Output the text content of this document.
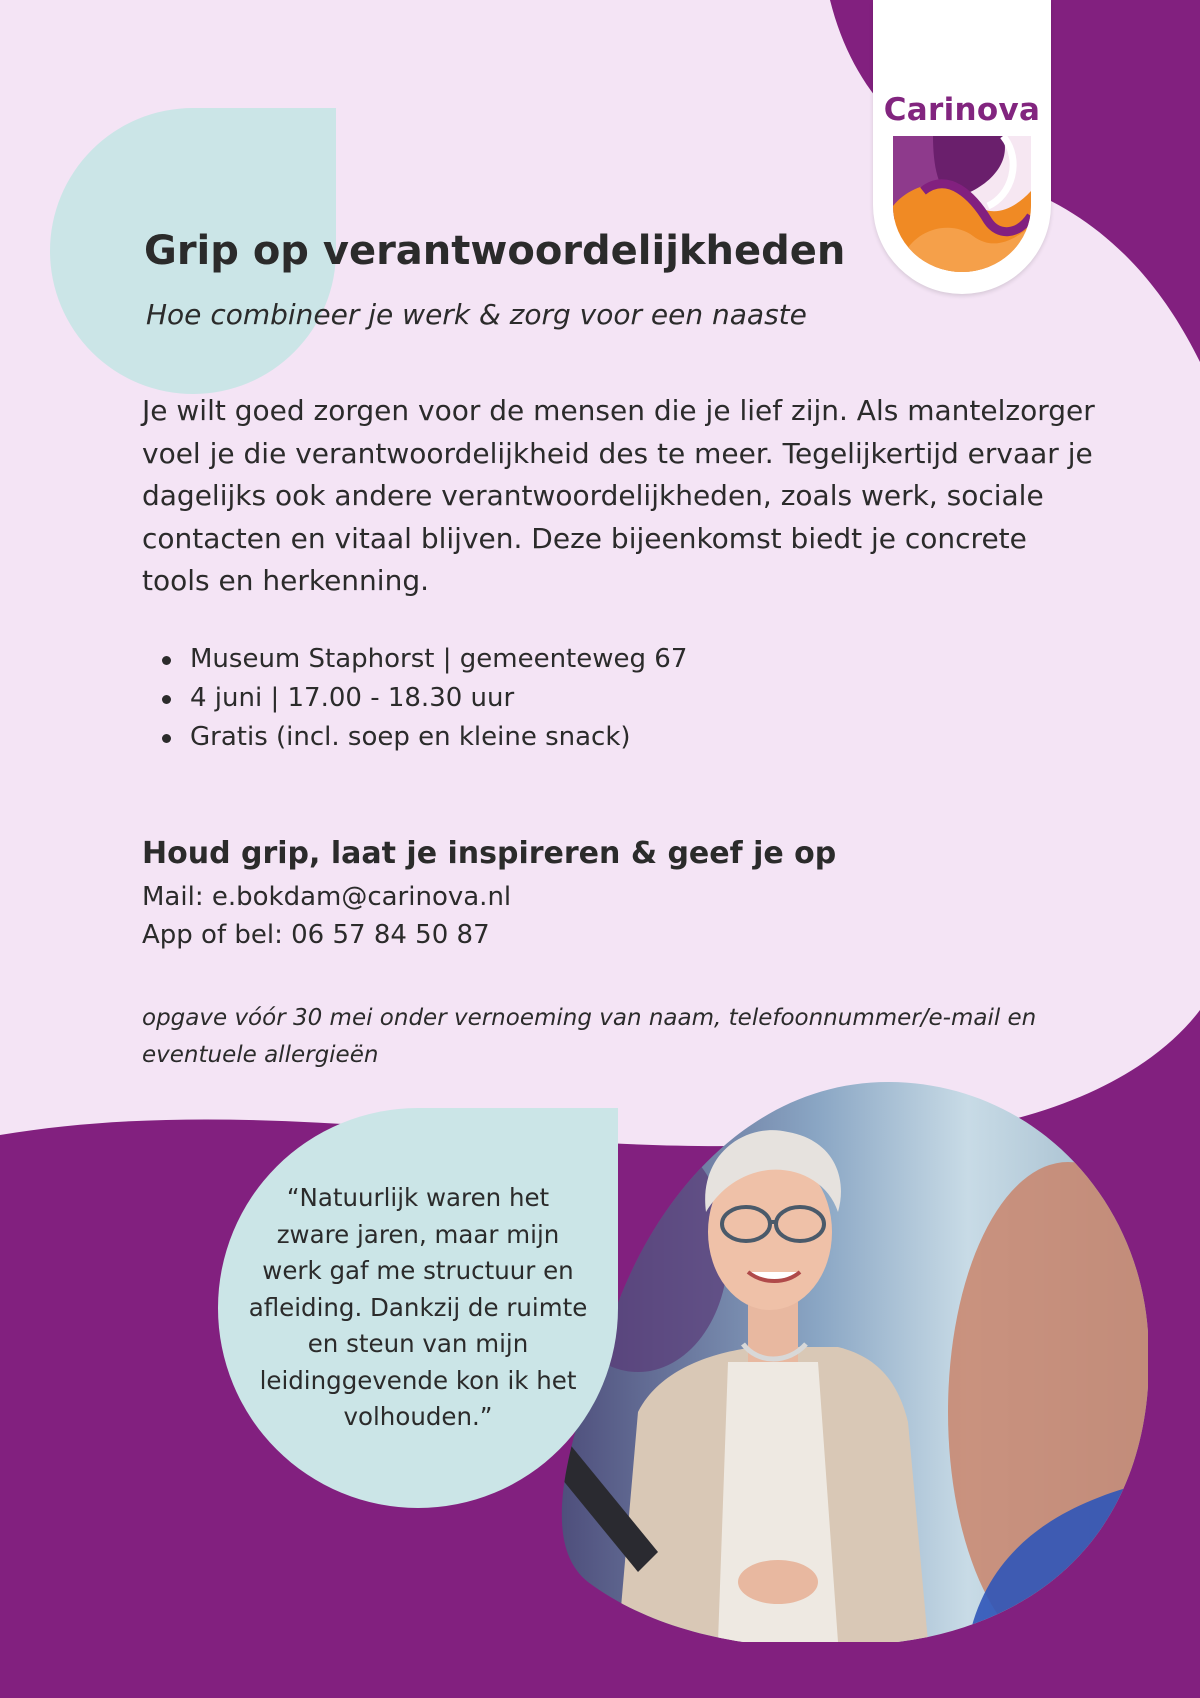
Carinova
Grip op verantwoordelijkheden

Hoe combineer je werk & zorg voor een naaste

Je wilt goed zorgen voor de mensen die je lief zijn. Als mantelzorger voel je die verantwoordelijkheid des te meer. Tegelijkertijd ervaar je dagelijks ook andere verantwoordelijkheden, zoals werk, sociale contacten en vitaal blijven. Deze bijeenkomst biedt je concrete tools en herkenning.

Museum Staphorst | gemeenteweg 67
4 juni | 17.00 - 18.30 uur
Gratis (incl. soep en kleine snack)
Houd grip, laat je inspireren & geef je op
Mail: e.bokdam@carinova.nl
App of bel: 06 57 84 50 87

opgave vóór 30 mei onder vernoeming van naam, telefoonnummer/e-mail en eventuele allergieën

“Natuurlijk waren het zware jaren, maar mijn werk gaf me structuur en afleiding. Dankzij de ruimte en steun van mijn leidinggevende kon ik het volhouden.”
